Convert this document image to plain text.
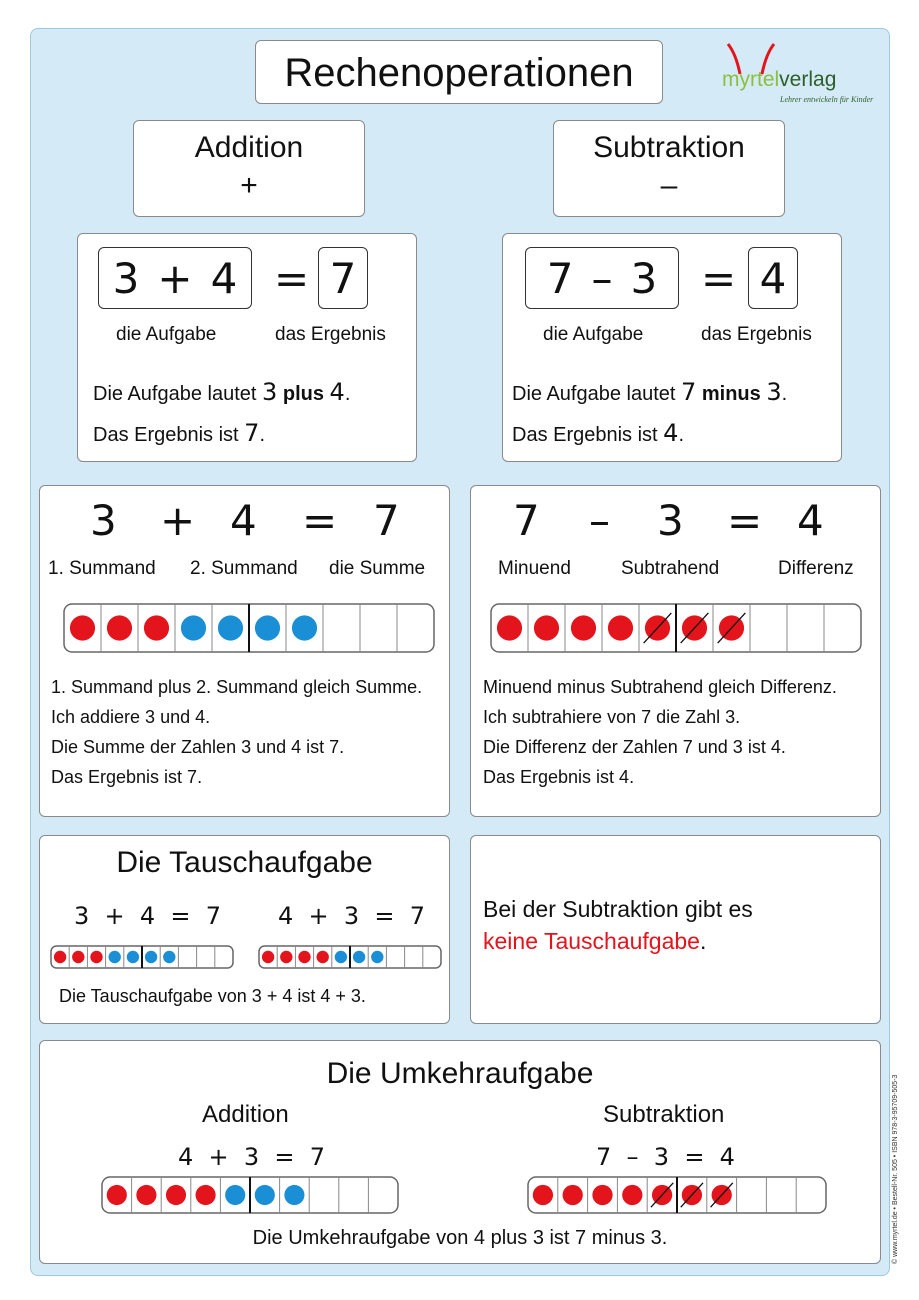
Rechenoperationen	myrtelverlag
Lehrer entwickeln für Kinder
Addition
+
Subtraktion
–
3 + 4 = 7
die Aufgabe	das Ergebnis
Die Aufgabe lautet 3 plus 4.
Das Ergebnis ist 7.
7 – 3 = 4
die Aufgabe	das Ergebnis
Die Aufgabe lautet 7 minus 3.
Das Ergebnis ist 4.
3 + 4 = 7
1. Summand 2. Summand die Summe
1. Summand plus 2. Summand gleich Summe.
Ich addiere 3 und 4.
Die Summe der Zahlen 3 und 4 ist 7.
Das Ergebnis ist 7.
7 – 3 = 4
Minuend	Subtrahend	Differenz
Minuend minus Subtrahend gleich Differenz.
Ich subtrahiere von 7 die Zahl 3.
Die Differenz der Zahlen 7 und 3 ist 4.
Das Ergebnis ist 4.
Die Tauschaufgabe
3  +  4  =  7 4  +  3  =  7
Die Tauschaufgabe von 3 + 4 ist 4 + 3.
Bei der Subtraktion gibt es
keine Tauschaufgabe.
Die Umkehraufgabe
Addition	Subtraktion
4  +  3  =  7	7  –  3  =  4
Die Umkehraufgabe von 4 plus 3 ist 7 minus 3.	© www.myrtel.de • Bestell-Nr. 505 • ISBN 978-3-95709-505-3
